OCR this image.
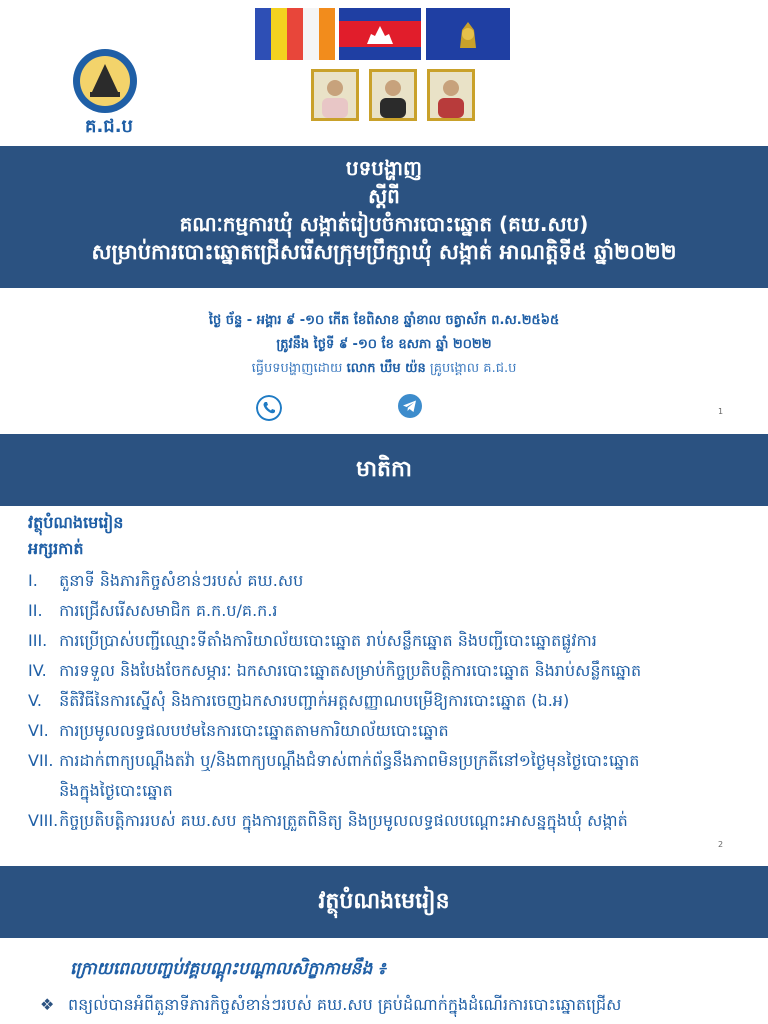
គ.ជ.ប
បទបង្ហាញ
ស្តីពី
គណៈកម្មការឃុំ សង្កាត់រៀបចំការបោះឆ្នោត (គឃ.សប)
សម្រាប់ការបោះឆ្នោតជ្រើសរើសក្រុមប្រឹក្សាឃុំ សង្កាត់ អាណត្តិទី៥ ឆ្នាំ២០២២
ថ្ងៃ ច័ន្ទ - អង្គារ ៩ -១០ កើត ខែពិសាខ ឆ្នាំខាល ចត្វាស័ក ព.ស.២៥៦៥
ត្រូវនឹង ថ្ងៃទី ៩ -១០ ខែ ឧសភា ឆ្នាំ ២០២២
ធ្វើបទបង្ហាញដោយ លោក ឃឹម យ៉ន គ្រូបង្គោល គ.ជ.ប
1
មាតិកា
វត្ថុបំណងមេរៀន
អក្សរកាត់
I. តួនាទី និងភារកិច្ចសំខាន់ៗរបស់ គឃ.សប
II. ការជ្រើសរើសសមាជិក គ.ក.ប/គ.ក.រ
III. ការប្រើប្រាស់បញ្ជីឈ្មោះទីតាំងការិយាល័យបោះឆ្នោត រាប់សន្លឹកឆ្នោត និងបញ្ជីបោះឆ្នោតផ្លូវការ
IV. ការទទួល និងបែងចែកសម្ភារៈ ឯកសារបោះឆ្នោតសម្រាប់កិច្ចប្រតិបត្តិការបោះឆ្នោត និងរាប់សន្លឹកឆ្នោត
V. នីតិវិធីនៃការស្នើសុំ និងការចេញឯកសារបញ្ជាក់អត្តសញ្ញាណបម្រើឱ្យការបោះឆ្នោត (ឯ.អ)
VI. ការប្រមូលលទ្ធផលបឋមនៃការបោះឆ្នោតតាមការិយាល័យបោះឆ្នោត
VII. ការដាក់ពាក្យបណ្តឹងតវ៉ា ឬ/និងពាក្យបណ្តឹងជំទាស់ពាក់ព័ន្ធនឹងភាពមិនប្រក្រតីនៅ១ថ្ងៃមុនថ្ងៃបោះឆ្នោត
និងក្នុងថ្ងៃបោះឆ្នោត
VIII. កិច្ចប្រតិបត្តិការរបស់ គឃ.សប ក្នុងការត្រួតពិនិត្យ និងប្រមូលលទ្ធផលបណ្ដោះអាសន្នក្នុងឃុំ សង្កាត់
2
វត្ថុបំណងមេរៀន
ក្រោយពេលបញ្ចប់វគ្គបណ្តុះបណ្តាលសិក្ខាកាមនឹង ៖
❖ ពន្យល់បានអំពីតួនាទីភារកិច្ចសំខាន់ៗរបស់ គឃ.សប គ្រប់ដំណាក់ក្នុងដំណើរការបោះឆ្នោតជ្រើស
